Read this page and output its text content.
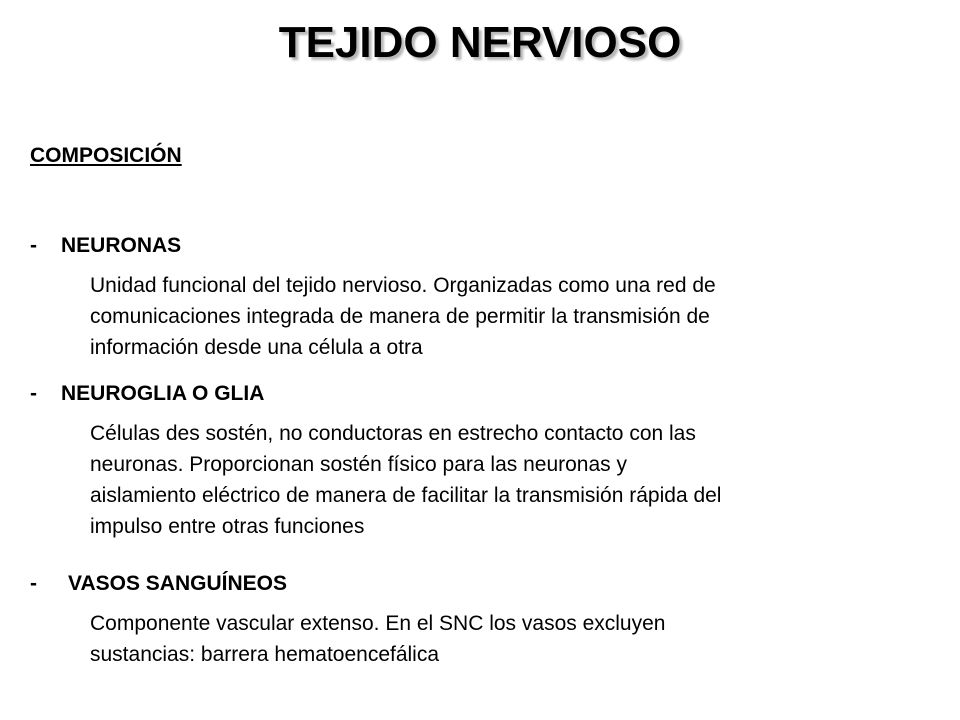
TEJIDO NERVIOSO
COMPOSICIÓN
- NEURONAS
Unidad funcional del tejido nervioso. Organizadas como una red de
comunicaciones integrada de manera de permitir la transmisión de
información desde una célula a otra
- NEUROGLIA O GLIA
Células des sostén, no conductoras en estrecho contacto con las
neuronas. Proporcionan sostén físico para las neuronas y
aislamiento eléctrico de manera de facilitar la transmisión rápida del
impulso entre otras funciones
- VASOS SANGUÍNEOS
Componente vascular extenso. En el SNC los vasos excluyen
sustancias: barrera hematoencefálica
